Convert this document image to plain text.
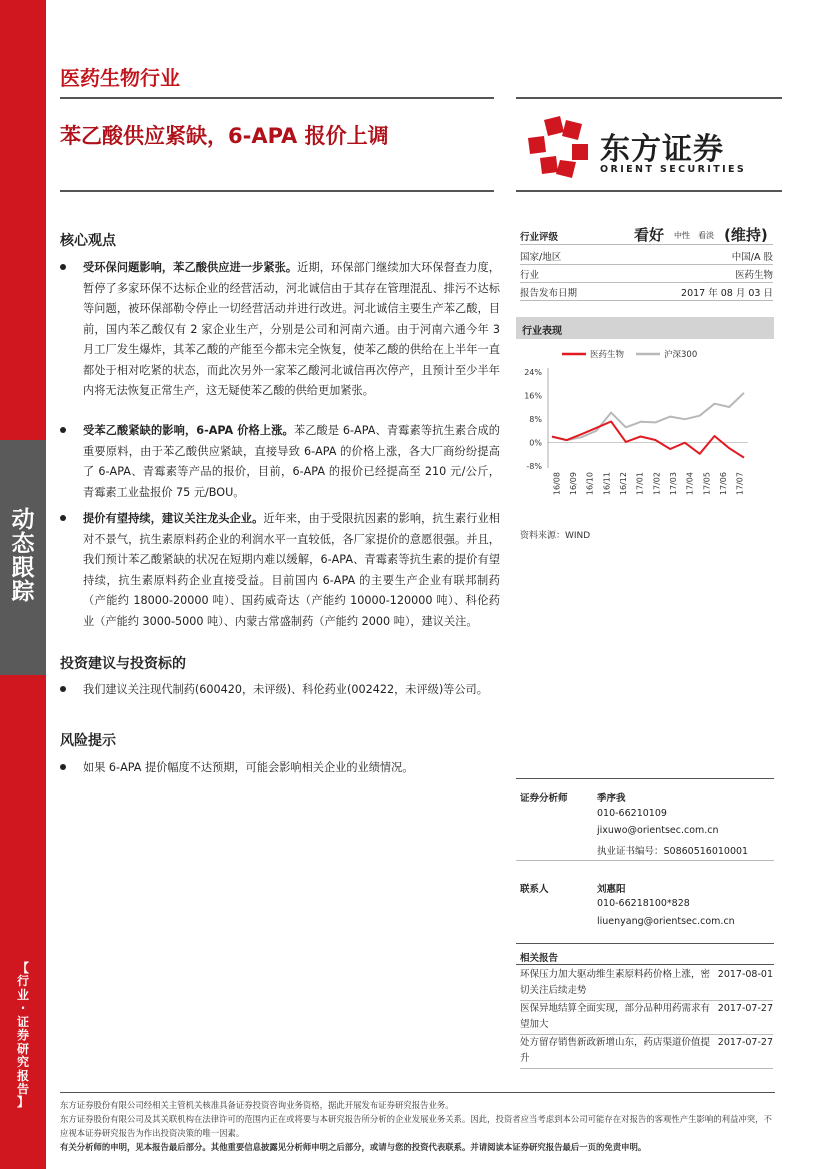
动
态
跟
踪
【
行
业
·
证
券
研
究
报
告
】
医药生物行业
苯乙酸供应紧缺，6-APA 报价上调	东方证券
ORIENT SECURITIES
核心观点
受环保问题影响，苯乙酸供应进一步紧张。近期，环保部门继续加大环保督查力度，暂停了多家环保不达标企业的经营活动，河北诚信由于其存在管理混乱、排污不达标等问题，被环保部勒令停止一切经营活动并进行改进。河北诚信主要生产苯乙酸，目前，国内苯乙酸仅有 2 家企业生产，分别是公司和河南六通。由于河南六通今年 3 月工厂发生爆炸，其苯乙酸的产能至今都未完全恢复，使苯乙酸的供给在上半年一直都处于相对吃紧的状态，而此次另外一家苯乙酸河北诚信再次停产，且预计至少半年内将无法恢复正常生产，这无疑使苯乙酸的供给更加紧张。
受苯乙酸紧缺的影响，6-APA 价格上涨。苯乙酸是 6-APA、青霉素等抗生素合成的重要原料，由于苯乙酸供应紧缺，直接导致 6-APA 的价格上涨，各大厂商纷纷提高了 6-APA、青霉素等产品的报价，目前，6-APA 的报价已经提高至 210 元/公斤，青霉素工业盐报价 75 元/BOU。
提价有望持续，建议关注龙头企业。近年来，由于受限抗因素的影响，抗生素行业相对不景气，抗生素原料药企业的利润水平一直较低，各厂家提价的意愿很强。并且，我们预计苯乙酸紧缺的状况在短期内难以缓解，6-APA、青霉素等抗生素的提价有望持续，抗生素原料药企业直接受益。目前国内 6-APA 的主要生产企业有联邦制药（产能约 18000-20000 吨）、国药威奇达（产能约 10000-120000 吨）、科伦药业（产能约 3000-5000 吨）、内蒙古常盛制药（产能约 2000 吨），建议关注。
投资建议与投资标的
我们建议关注现代制药(600420，未评级)、科伦药业(002422，未评级)等公司。
风险提示
如果 6-APA 提价幅度不达预期，可能会影响相关企业的业绩情况。
行业评级	看好 中性 看淡 (维持)
国家/地区	中国/A 股
行业	医药生物
报告发布日期	2017 年 08 月 03 日
行业表现
医药生物	沪深300
24%
16%
8%
0%
-8%
16/08 16/09 16/10 16/11 16/12 17/01 17/02 17/03 17/04 17/05 17/06 17/07
资料来源：WIND
证券分析师	季序我
010-66210109
jixuwo@orientsec.com.cn
执业证书编号：S0860516010001
联系人	刘惠阳
010-66218100*828
liuenyang@orientsec.com.cn
相关报告
环保压力加大驱动维生素原料药价格上涨，密切关注后续走势
2017-08-01
医保异地结算全面实现，部分品种用药需求有望加大
2017-07-27
处方留存销售新政新增山东，药店渠道价值提升
2017-07-27
东方证券股份有限公司经相关主管机关核准具备证券投资咨询业务资格，据此开展发布证券研究报告业务。
东方证券股份有限公司及其关联机构在法律许可的范围内正在或将要与本研究报告所分析的企业发展业务关系。因此，投资者应当考虑到本公司可能存在对报告的客观性产生影响的利益冲突，不应视本证券研究报告为作出投资决策的唯一因素。
有关分析师的申明，见本报告最后部分。其他重要信息披露见分析师申明之后部分，或请与您的投资代表联系。并请阅读本证券研究报告最后一页的免责申明。
